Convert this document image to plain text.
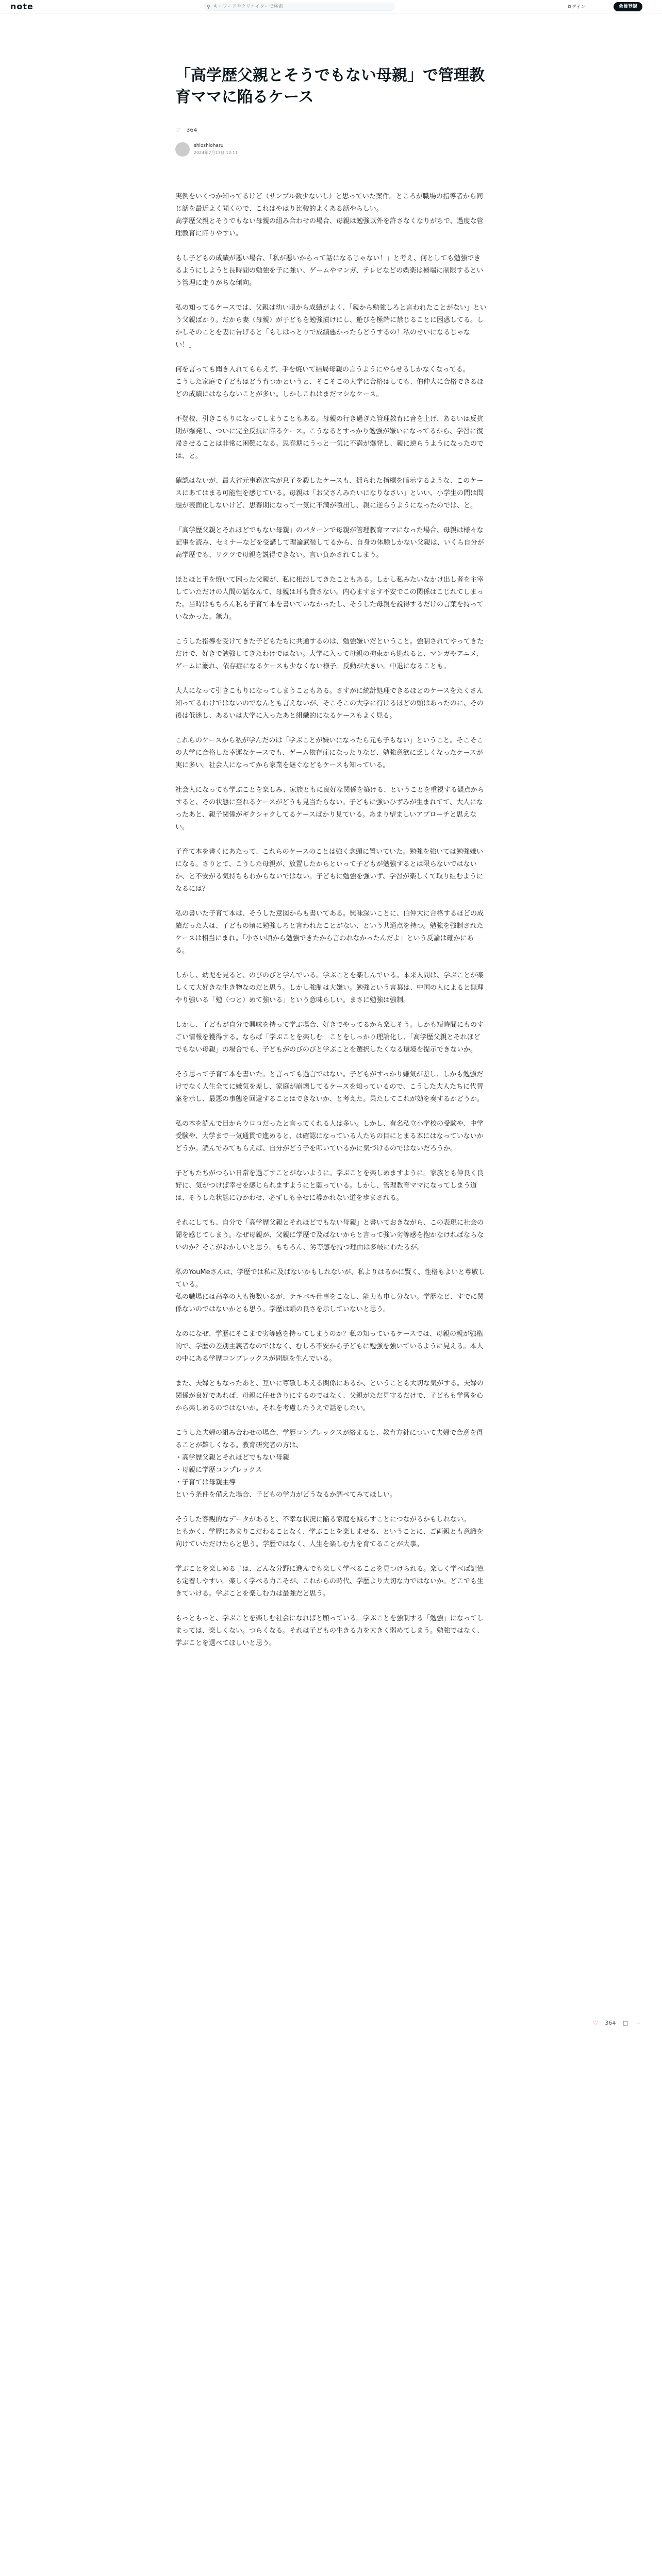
note	⚲ キーワードやクリエイターで検索	ログイン	会員登録
「高学歴父親とそうでもない母親」で管理教育ママに陥るケース
♡ 364
shioshioharu
2024年7月13日 12:11

実例をいくつか知ってるけど（サンプル数少ないし）と思っていた案件。ところが職場の指導者から同じ話を最近よく聞くので、これはやはり比較的よくある話やらしい。
高学歴父親とそうでもない母親の組み合わせの場合、母親は勉強以外を許さなくなりがちで、過度な管理教育に陥りやすい。

もし子どもの成績が悪い場合、「私が悪いからって話になるじゃない！」と考え、何としても勉強できるようにしようと長時間の勉強を子に強い、ゲームやマンガ、テレビなどの娯楽は極端に制限するという管理に走りがちな傾向。

私の知ってるケースでは、父親は幼い頃から成績がよく、「親から勉強しろと言われたことがない」という父親ばかり。だから妻（母親）が子どもを勉強漬けにし、遊びを極端に禁じることに困惑してる。しかしそのことを妻に告げると「もしはっとりで成績悪かったらどうするの！私のせいになるじゃない！」

何を言っても聞き入れてもらえず、手を焼いて結局母親の言うようにやらせるしかなくなってる。
こうした家庭で子どもはどう育つかというと、そこそこの大学に合格はしても、伯仲大に合格できるほどの成績にはならないことが多い。しかしこれはまだマシなケース。

不登校、引きこもりになってしまうこともある。母親の行き過ぎた管理教育に音を上げ、あるいは反抗期が爆発し、ついに完全反抗に陥るケース。こうなるとすっかり勉強が嫌いになってるから、学習に復帰させることは非常に困難になる。思春期にうっと一気に不満が爆発し、親に逆らうようになったのでは、と。

確認はないが、最大省元事務次官が息子を殺したケースも、揺られた指標を暗示するような、このケースにあてはまる可能性を感じている。母親は「お父さんみたいになりなさい」といい、小学生の間は問題が表面化しないけど、思春期になって一気に不満が噴出し、親に逆らうようになったのでは、と。

「高学歴父親とそれほどでもない母親」のパターンで母親が管理教育ママになった場合、母親は様々な記事を読み、セミナーなどを受講して理論武装してるから、自身の体験しかない父親は、いくら自分が高学歴でも、リクツで母親を説得できない。言い負かされてしまう。

ほとほと手を焼いて困った父親が、私に相談してきたこともある。しかし私みたいなかけ出し者を主宰していただけの人間の話なんて、母親は耳も貸さない。内心ますます不安でこの関係はこじれてしまった。当時はもちろん私も子育て本を書いていなかったし、そうした母親を説得するだけの言葉を持っていなかった。無力。

こうした指導を受けてきた子どもたちに共通するのは、勉強嫌いだということ。強制されてやってきただけで、好きで勉強してきたわけではない。大学に入って母親の拘束から逃れると、マンガやアニメ、ゲームに溺れ、依存症になるケースも少なくない様子。反動が大きい。中退になることも。

大人になって引きこもりになってしまうこともある。さすがに統計処理できるほどのケースをたくさん知ってるわけではないのでなんとも言えないが、そこそこの大学に行けるほどの頭はあったのに、その後は低迷し、あるいは大学に入ったあと組織的になるケースもよく見る。

これらのケースから私が学んだのは「学ぶことが嫌いになったら元も子もない」ということ。そこそこの大学に合格した幸運なケースでも、ゲーム依存症になったりなど、勉強意欲に乏しくなったケースが実に多い。社会人になってから家業を継ぐなどもケースも知っている。

社会人になっても学ぶことを楽しみ、家族ともに良好な関係を築ける、ということを重視する観点からすると、その状態に至れるケースがどうも見当たらない。子どもに強いひずみが生まれてて、大人になったあと、親子関係がギクシャクしてるケースばかり見ている。あまり望ましいアプローチと思えない。

子育て本を書くにあたって、これらのケースのことは強く念頭に置いていた。勉強を強いては勉強嫌いになる。さりとて、こうした母親が、放置したからといって子どもが勉強するとは限らないではないか、と不安がる気持ちもわからないではない。子どもに勉強を強いず、学習が楽しくて取り組むようになるには？

私の書いた子育て本は、そうした意図からも書いてある。興味深いことに、伯仲大に合格するほどの成績だった人は、子どもの頃に勉強しろと言われたことがない、という共通点を持つ。勉強を強制されたケースは相当にまれ。「小さい頃から勉強できたから言われなかったんだよ」という反論は確かにある。

しかし、幼児を見ると、のびのびと学んでいる。学ぶことを楽しんでいる。本来人間は、学ぶことが楽しくて大好きな生き物なのだと思う。しかし強制は大嫌い。勉強という言葉は、中国の人によると無理やり強いる「勉（つと）めて強いる」という意味らしい。まさに勉強は強制。

しかし、子どもが自分で興味を持って学ぶ場合、好きでやってるから楽しそう。しかも短時間にものすごい情報を獲得する。ならば「学ぶことを楽しむ」ことをしっかり理論化し、「高学歴父親とそれほどでもない母親」の場合でも、子どもがのびのびと学ぶことを選択したくなる環境を提示できないか。

そう思って子育て本を書いた。と言っても過言ではない。子どもがすっかり嫌気が差し、しかも勉強だけでなく人生全てに嫌気を差し、家庭が崩壊してるケースを知っているので、こうした大人たちに代替案を示し、最悪の事態を回避することはできないか、と考えた。果たしてこれが効を奏するかどうか。

私の本を読んで目からウロコだったと言ってくれる人は多い。しかし、有名私立小学校の受験や、中学受験や、大学まで一気通貫で進めると、は確認になっている人たちの目にとまる本にはなっていないかどうか。読んでみてもらえば、自分がどう子を叩いているかに気づけるのではないだろうか。

子どもたちがつらい日常を過ごすことがないように。学ぶことを楽しめますように。家族とも仲良く良好に、気がつけば幸せを感じられますようにと願っている。しかし、管理教育ママになってしまう道は、そうした状態にむかわせ、必ずしも幸せに導かれない道を歩まされる。

それにしても、自分で「高学歴父親とそれほどでもない母親」と書いておきながら、この表現に社会の闇を感じてしまう。なぜ母親が、父親に学歴で及ばないからと言って強い劣等感を抱かなければならないのか？そこがおかしいと思う。もちろん、劣等感を持つ理由は多岐にわたるが。

私のYouMeさんは、学歴では私に及ばないかもしれないが、私よりはるかに賢く、性格もよいと尊敬している。
私の職場には高卒の人も複数いるが、テキパキ仕事をこなし、能力も申し分ない。学歴など、すでに関係ないのではないかとも思う。学歴は頭の良さを示していないと思う。

なのになぜ、学歴にそこまで劣等感を持ってしまうのか？私の知っているケースでは、母親の親が強権的で、学歴の差別主義者なのではなく、むしろ不安から子どもに勉強を強いているように見える。本人の中にある学歴コンプレックスが問題を生んでいる。

また、夫婦ともなったあと、互いに尊敬しあえる関係にあるか、ということも大切な気がする。夫婦の関係が良好であれば、母親に任せきりにするのではなく、父親がただ見守るだけで、子どもも学習を心から楽しめるのではないか。それを考慮したうえで話をしたい。

こうした夫婦の組み合わせの場合、学歴コンプレックスが絡まると、教育方針について夫婦で合意を得ることが難しくなる。教育研究者の方は、
・高学歴父親とそれほどでもない母親
・母親に学歴コンプレックス
・子育ては母親主導
という条件を備えた場合、子どもの学力がどうなるか調べてみてほしい。

そうした客観的なデータがあると、不幸な状況に陥る家庭を減らすことにつながるかもしれない。
ともかく、学歴にあまりこだわることなく、学ぶことを楽しませる、ということに、ご両親とも意識を向けていただけたらと思う。学歴ではなく、人生を楽しむ力を育てることが大事。

学ぶことを楽しめる子は、どんな分野に進んでも楽しく学べることを見つけられる。楽しく学べば記憶も定着しやすい。楽しく学べる力こそが、これからの時代、学歴より大切な力ではないか。どこでも生きていける。学ぶことを楽しむ力は最強だと思う。

もっともっと、学ぶことを楽しむ社会になればと願っている。学ぶことを強制する「勉強」になってしまっては、楽しくない。つらくなる。それは子どもの生きる力を大きく弱めてしまう。勉強ではなく、学ぶことを選べてほしいと思う。

♡ 364 □ ⋯
